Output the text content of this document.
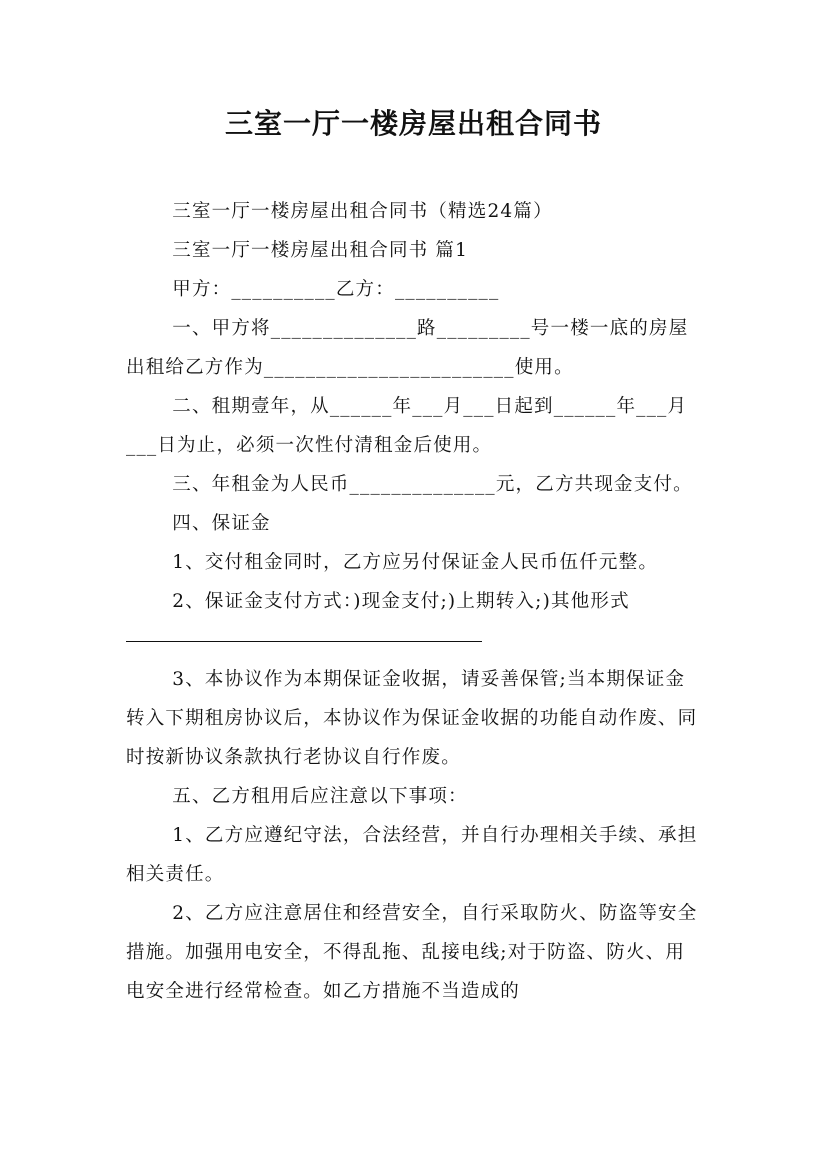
三室一厅一楼房屋出租合同书

三室一厅一楼房屋出租合同书（精选24篇）

三室一厅一楼房屋出租合同书 篇1

甲方：__________乙方：__________

一、甲方将______________路_________号一楼一底的房屋出租给乙方作为________________________使用。

二、租期壹年，从______年___月___日起到______年___月___日为止，必须一次性付清租金后使用。

三、年租金为人民币______________元，乙方共现金支付。

四、保证金

1、交付租金同时，乙方应另付保证金人民币伍仟元整。

2、保证金支付方式：)现金支付;)上期转入;)其他形式

3、本协议作为本期保证金收据，请妥善保管;当本期保证金转入下期租房协议后，本协议作为保证金收据的功能自动作废、同时按新协议条款执行老协议自行作废。

五、乙方租用后应注意以下事项：

1、乙方应遵纪守法，合法经营，并自行办理相关手续、承担相关责任。

2、乙方应注意居住和经营安全，自行采取防火、防盗等安全措施。加强用电安全，不得乱拖、乱接电线;对于防盗、防火、用电安全进行经常检查。如乙方措施不当造成的
